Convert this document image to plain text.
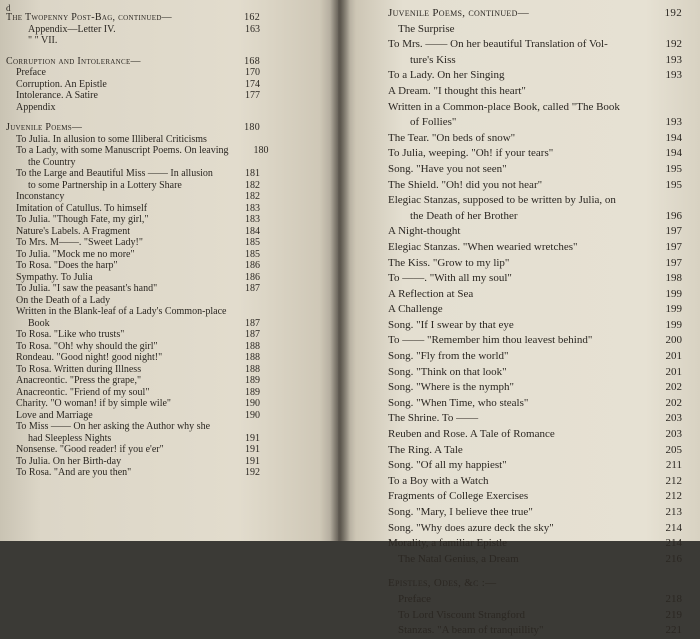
The Twopenny Post-Bag, continued—	162
Appendix—Letter IV.	163
" " VII.
Corruption and Intolerance—	168
Preface	170
Corruption. An Epistle	174
Intolerance. A Satire	177
Appendix
Juvenile Poems—	180
To Julia. In allusion to some Illiberal Criticisms
To a Lady, with some Manuscript Poems. On leaving	180
the Country
To the Large and Beautiful Miss —— In allusion	181
to some Partnership in a Lottery Share	182
Inconstancy	182
Imitation of Catullus. To himself	183
To Julia. "Though Fate, my girl,"	183
Nature's Labels. A Fragment	184
To Mrs. M——. "Sweet Lady!"	185
To Julia. "Mock me no more"	185
To Rosa. "Does the harp"	186
Sympathy. To Julia	186
To Julia. "I saw the peasant's hand"	187
On the Death of a Lady
Written in the Blank-leaf of a Lady's Common-place
Book	187
To Rosa. "Like who trusts"	187
To Rosa. "Oh! why should the girl"	188
Rondeau. "Good night! good night!"	188
To Rosa. Written during Illness	188
Anacreontic. "Press the grape,"	189
Anacreontic. "Friend of my soul"	189
Charity. "O woman! if by simple wile"	190
Love and Marriage	190
To Miss —— On her asking the Author why she
had Sleepless Nights	191
Nonsense. "Good reader! if you e'er"	191
To Julia. On her Birth-day	191
To Rosa. "And are you then"	192
d	Juvenile Poems, continued—	192
The Surprise
To Mrs. —— On her beautiful Translation of Vol-	192
ture's Kiss	193
To a Lady. On her Singing	193
A Dream. "I thought this heart"
Written in a Common-place Book, called "The Book
of Follies"	193
The Tear. "On beds of snow"	194
To Julia, weeping. "Oh! if your tears"	194
Song. "Have you not seen"	195
The Shield. "Oh! did you not hear"	195
Elegiac Stanzas, supposed to be written by Julia, on
the Death of her Brother	196
A Night-thought	197
Elegiac Stanzas. "When wearied wretches"	197
The Kiss. "Grow to my lip"	197
To ——. "With all my soul"	198
A Reflection at Sea	199
A Challenge	199
Song. "If I swear by that eye	199
To —— "Remember him thou leavest behind"	200
Song. "Fly from the world"	201
Song. "Think on that look"	201
Song. "Where is the nymph"	202
Song. "When Time, who steals"	202
The Shrine. To ——	203
Reuben and Rose. A Tale of Romance	203
The Ring. A Tale	205
Song. "Of all my happiest"	211
To a Boy with a Watch	212
Fragments of College Exercises	212
Song. "Mary, I believe thee true"	213
Song. "Why does azure deck the sky"	214
Morality, a familiar Epistle	214
The Natal Genius, a Dream	216
Epistles, Odes, &c :—
Preface	218
To Lord Viscount Strangford	219
Stanzas. "A beam of tranquillity"	221
